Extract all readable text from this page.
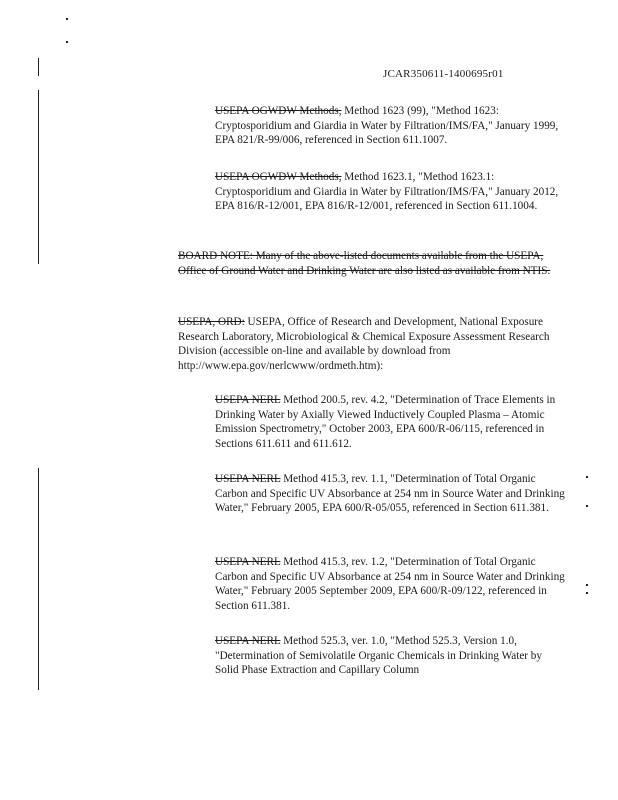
JCAR350611-1400695r01

USEPA OGWDW Methods, Method 1623 (99), "Method 1623: Cryptosporidium and Giardia in Water by Filtration/IMS/FA," January 1999, EPA 821/R-99/006, referenced in Section 611.1007.

USEPA OGWDW Methods, Method 1623.1, "Method 1623.1: Cryptosporidium and Giardia in Water by Filtration/IMS/FA," January 2012, EPA 816/R-12/001, EPA 816/R-12/001, referenced in Section 611.1004.

BOARD NOTE: Many of the above-listed documents available from the USEPA, Office of Ground Water and Drinking Water are also listed as available from NTIS.

USEPA, ORD: USEPA, Office of Research and Development, National Exposure Research Laboratory, Microbiological & Chemical Exposure Assessment Research Division (accessible on-line and available by download from http://www.epa.gov/nerlcwww/ordmeth.htm):

USEPA NERL Method 200.5, rev. 4.2, "Determination of Trace Elements in Drinking Water by Axially Viewed Inductively Coupled Plasma – Atomic Emission Spectrometry," October 2003, EPA 600/R-06/115, referenced in Sections 611.611 and 611.612.

USEPA NERL Method 415.3, rev. 1.1, "Determination of Total Organic Carbon and Specific UV Absorbance at 254 nm in Source Water and Drinking Water," February 2005, EPA 600/R-05/055, referenced in Section 611.381.

USEPA NERL Method 415.3, rev. 1.2, "Determination of Total Organic Carbon and Specific UV Absorbance at 254 nm in Source Water and Drinking Water," February 2005 September 2009, EPA 600/R-09/122, referenced in Section 611.381.

USEPA NERL Method 525.3, ver. 1.0, "Method 525.3, Version 1.0, "Determination of Semivolatile Organic Chemicals in Drinking Water by Solid Phase Extraction and Capillary Column
